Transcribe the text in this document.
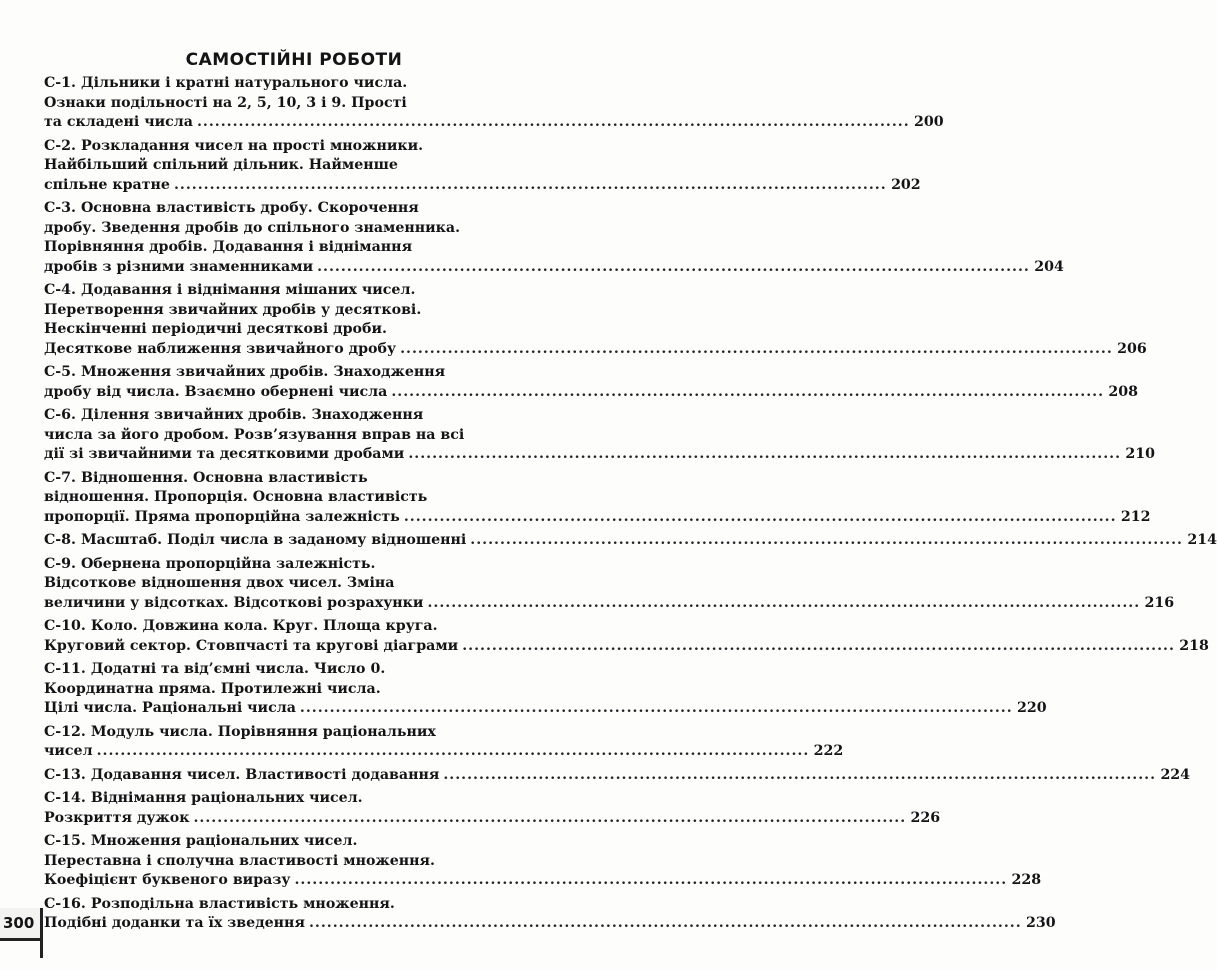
САМОСТІЙНІ РОБОТИ
С-1. Дільники і кратні натурального числа.
Ознаки подільності на 2, 5, 10, 3 і 9. Прості
та складені числа ........................................................................................................................ 200
С-2. Розкладання чисел на прості множники.
Найбільший спільний дільник. Найменше
спільне кратне ........................................................................................................................ 202
С-3. Основна властивість дробу. Скорочення
дробу. Зведення дробів до спільного знаменника.
Порівняння дробів. Додавання і віднімання
дробів з різними знаменниками ........................................................................................................................ 204
С-4. Додавання і віднімання мішаних чисел.
Перетворення звичайних дробів у десяткові.
Нескінченні періодичні десяткові дроби.
Десяткове наближення звичайного дробу ........................................................................................................................ 206
С-5. Множення звичайних дробів. Знаходження
дробу від числа. Взаємно обернені числа ........................................................................................................................ 208
С-6. Ділення звичайних дробів. Знаходження
числа за його дробом. Розв’язування вправ на всі
дії зі звичайними та десятковими дробами ........................................................................................................................ 210
С-7. Відношення. Основна властивість
відношення. Пропорція. Основна властивість
пропорції. Пряма пропорційна залежність ........................................................................................................................ 212
С-8. Масштаб. Поділ числа в заданому відношенні ........................................................................................................................ 214
С-9. Обернена пропорційна залежність.
Відсоткове відношення двох чисел. Зміна
величини у відсотках. Відсоткові розрахунки ........................................................................................................................ 216
С-10. Коло. Довжина кола. Круг. Площа круга.
Круговий сектор. Стовпчасті та кругові діаграми ........................................................................................................................ 218
С-11. Додатні та від’ємні числа. Число 0.
Координатна пряма. Протилежні числа.
Цілі числа. Раціональні числа ........................................................................................................................ 220
С-12. Модуль числа. Порівняння раціональних
чисел ........................................................................................................................ 222
С-13. Додавання чисел. Властивості додавання ........................................................................................................................ 224
С-14. Віднімання раціональних чисел.
Розкриття дужок ........................................................................................................................ 226
С-15. Множення раціональних чисел.
Переставна і сполучна властивості множення.
Коефіцієнт буквеного виразу ........................................................................................................................ 228
С-16. Розподільна властивість множення.
Подібні доданки та їх зведення ........................................................................................................................ 230
300
